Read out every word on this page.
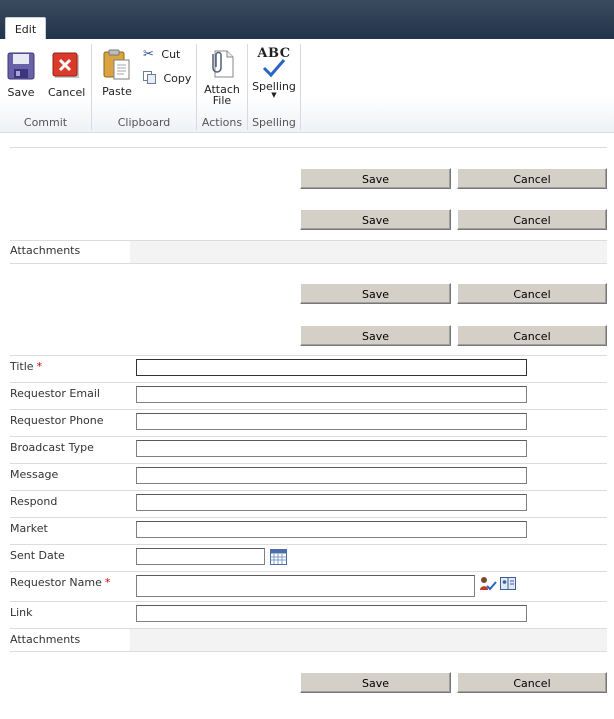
Edit
Save	Cancel
Commit
Paste
✂ Cut
Copy
Clipboard
Attach
File
Actions
ABC
Spelling
▼
Spelling
Save	Cancel
Save	Cancel
Attachments
Save	Cancel
Save	Cancel
Title *
Requestor Email
Requestor Phone
Broadcast Type
Message
Respond
Market
Sent Date
Requestor Name *
Link
Attachments
Save	Cancel
